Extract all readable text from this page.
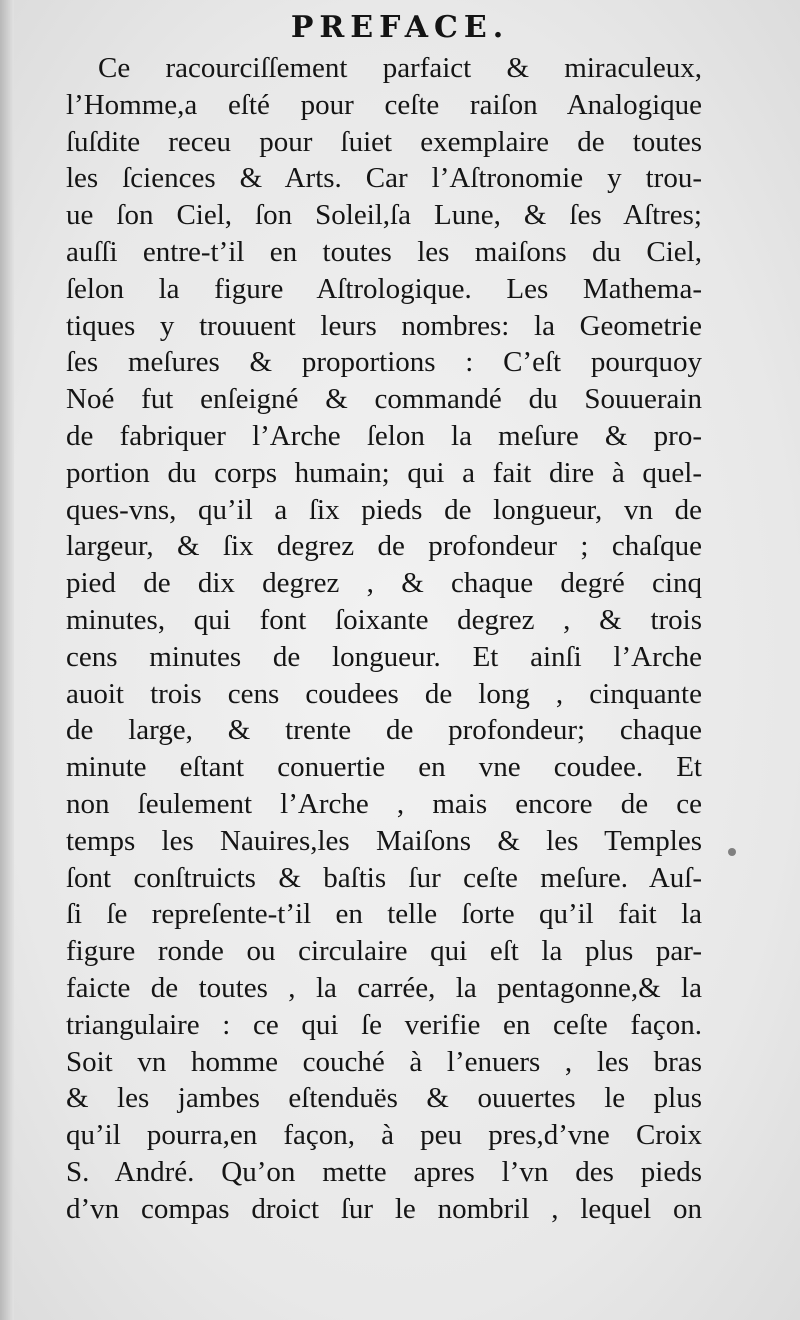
PREFACE.
Ce racourciſſement parfaict & miraculeux,
l’Homme,a eſté pour ceſte raiſon Analogique
ſuſdite receu pour ſuiet exemplaire de toutes
les ſciences & Arts. Car l’Aſtronomie y trou-
ue ſon Ciel, ſon Soleil,ſa Lune, & ſes Aſtres;
auſſi entre-t’il en toutes les maiſons du Ciel,
ſelon la figure Aſtrologique. Les Mathema-
tiques y trouuent leurs nombres: la Geometrie
ſes meſures & proportions : C’eſt pourquoy
Noé fut enſeigné & commandé du Souuerain
de fabriquer l’Arche ſelon la meſure & pro-
portion du corps humain; qui a fait dire à quel-
ques-vns, qu’il a ſix pieds de longueur, vn de
largeur, & ſix degrez de profondeur ; chaſque
pied de dix degrez , & chaque degré cinq
minutes, qui font ſoixante degrez , & trois
cens minutes de longueur. Et ainſi l’Arche
auoit trois cens coudees de long , cinquante
de large, & trente de profondeur; chaque
minute eſtant conuertie en vne coudee. Et
non ſeulement l’Arche , mais encore de ce
temps les Nauires,les Maiſons & les Temples
ſont conſtruicts & baſtis ſur ceſte meſure. Auſ-
ſi ſe repreſente-t’il en telle ſorte qu’il fait la
figure ronde ou circulaire qui eſt la plus par-
faicte de toutes , la carrée, la pentagonne,& la
triangulaire : ce qui ſe verifie en ceſte façon.
Soit vn homme couché à l’enuers , les bras
& les jambes eſtenduës & ouuertes le plus
qu’il pourra,en façon, à peu pres,d’vne Croix
S. André. Qu’on mette apres l’vn des pieds
d’vn compas droict ſur le nombril , lequel on
